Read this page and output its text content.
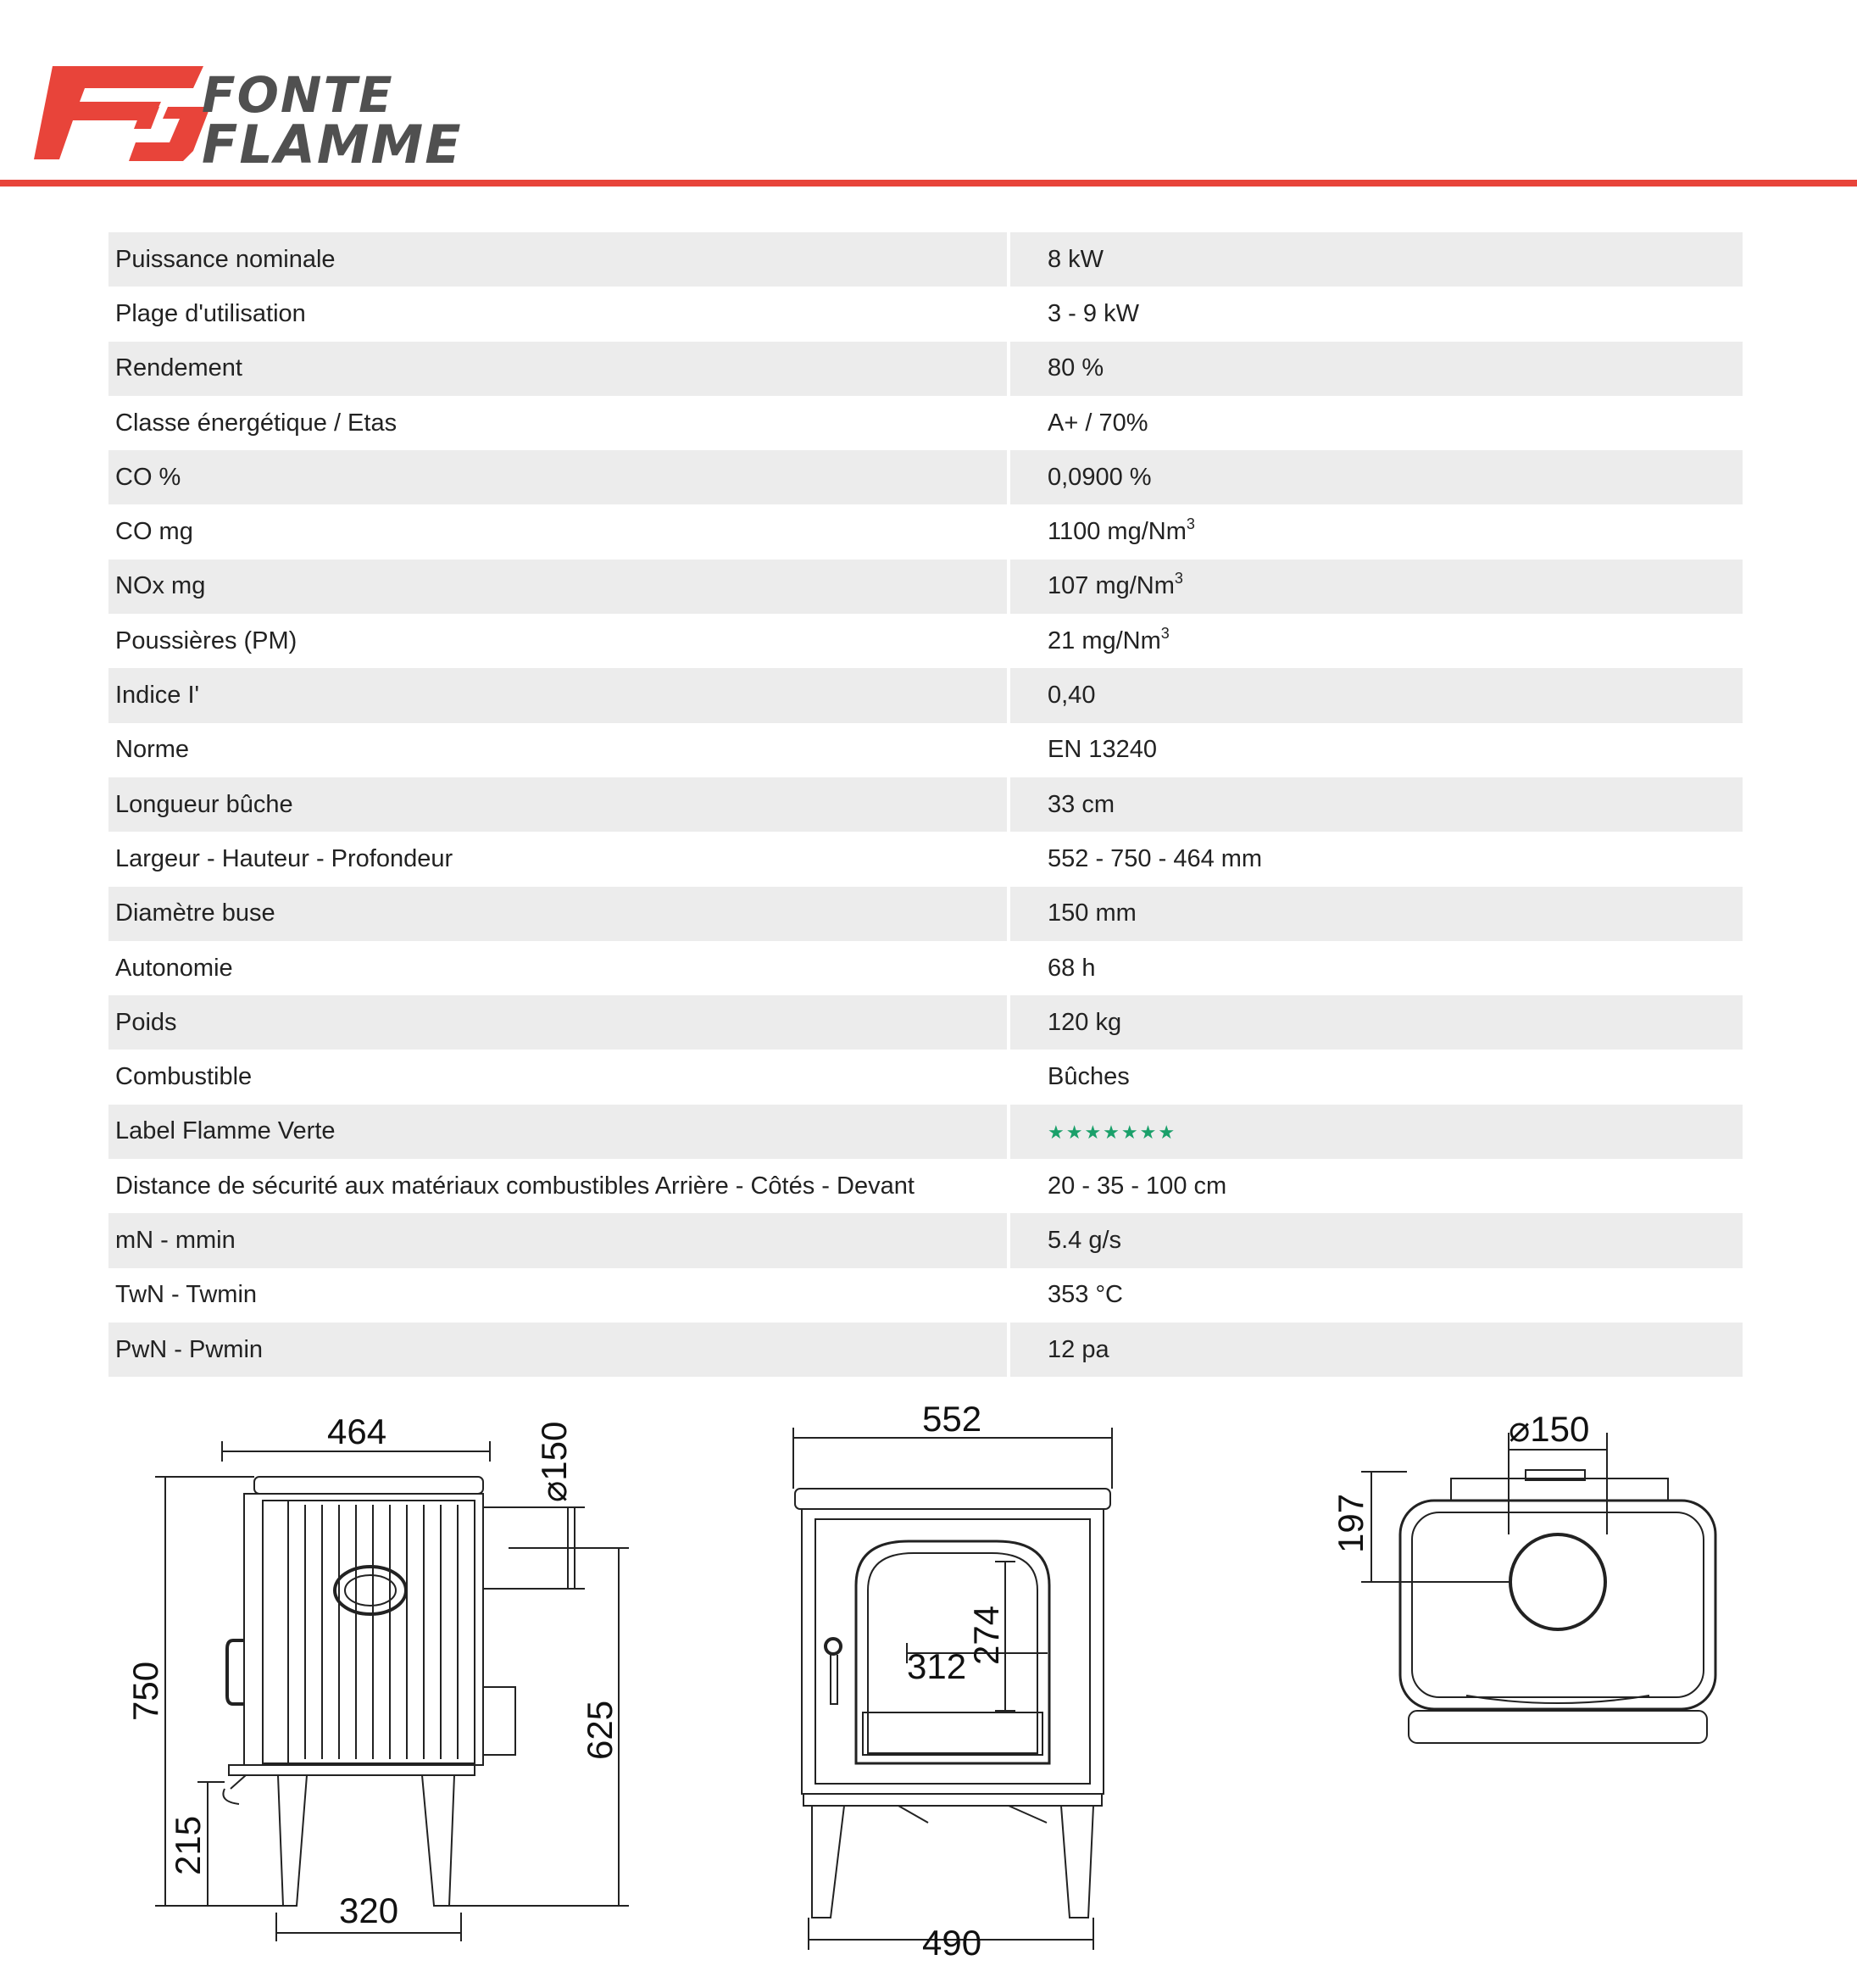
FONTE
FLAMME
Puissance nominale		8 kW
Plage d'utilisation		3 - 9 kW
Rendement		80 %
Classe énergétique / Etas		A+ / 70%
CO %		0,0900 %
CO mg		1100 mg/Nm$^3$
NOx mg		107 mg/Nm$^3$
Poussières (PM)		21 mg/Nm$^3$
Indice I'		0,40
Norme		EN 13240
Longueur bûche		33 cm
Largeur - Hauteur - Profondeur		552 - 750 - 464 mm
Diamètre buse		150 mm
Autonomie		68 h
Poids		120 kg
Combustible		Bûches
Label Flamme Verte		★★★★★★★
Distance de sécurité aux matériaux combustibles Arrière - Côtés - Devant		20 - 35 - 100 cm
mN - mmin		5.4 g/s
TwN - Twmin		353 °C
PwN - Pwmin		12 pa
464
320
750
215
625
⌀150
552
490
312
274
⌀150
197
